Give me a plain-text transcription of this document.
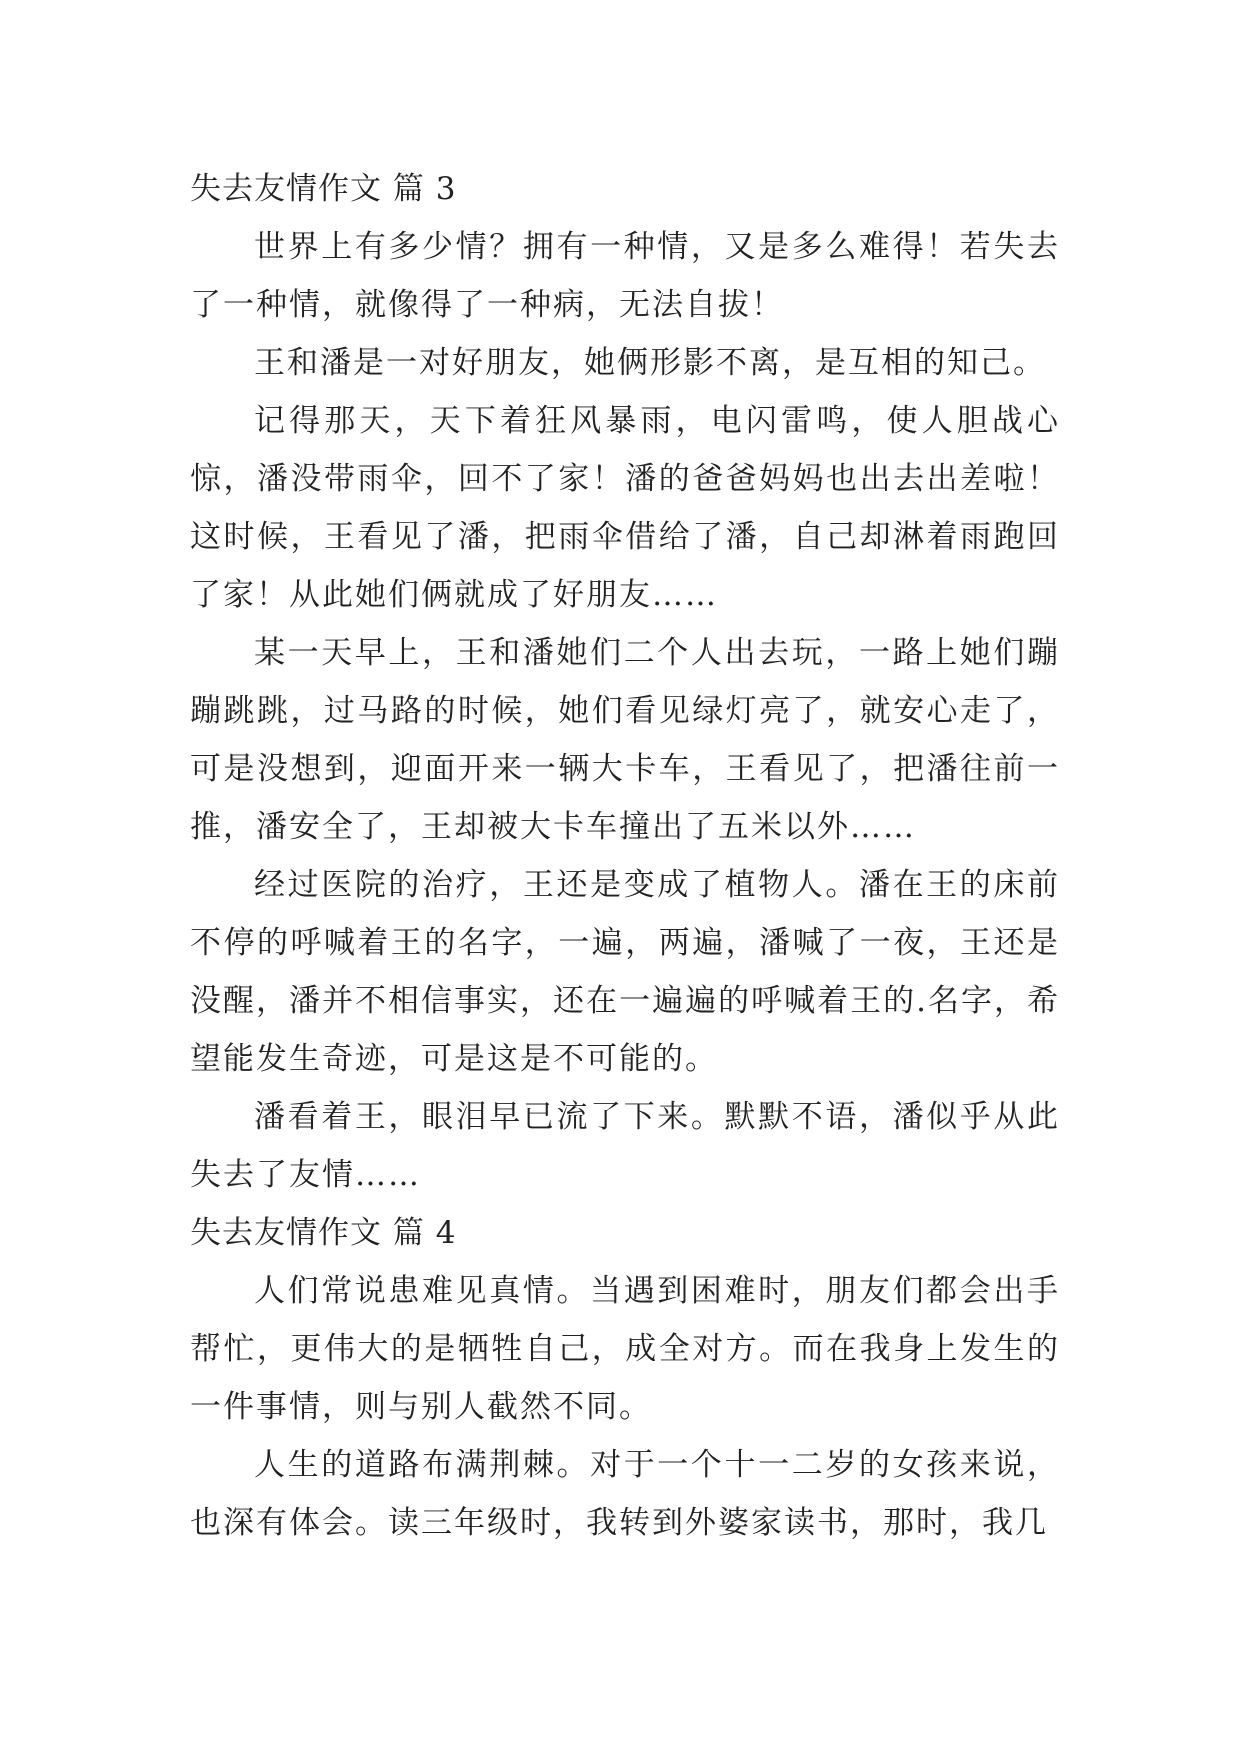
失去友情作文 篇 3

世界上有多少情？拥有一种情，又是多么难得！若失去了一种情，就像得了一种病，无法自拔！

王和潘是一对好朋友，她俩形影不离，是互相的知己。

记得那天，天下着狂风暴雨，电闪雷鸣，使人胆战心惊，潘没带雨伞，回不了家！潘的爸爸妈妈也出去出差啦！这时候，王看见了潘，把雨伞借给了潘，自己却淋着雨跑回了家！从此她们俩就成了好朋友……

某一天早上，王和潘她们二个人出去玩，一路上她们蹦蹦跳跳，过马路的时候，她们看见绿灯亮了，就安心走了，可是没想到，迎面开来一辆大卡车，王看见了，把潘往前一推，潘安全了，王却被大卡车撞出了五米以外……

经过医院的治疗，王还是变成了植物人。潘在王的床前不停的呼喊着王的名字，一遍，两遍，潘喊了一夜，王还是没醒，潘并不相信事实，还在一遍遍的呼喊着王的.名字，希望能发生奇迹，可是这是不可能的。

潘看着王，眼泪早已流了下来。默默不语，潘似乎从此失去了友情……

失去友情作文 篇 4

人们常说患难见真情。当遇到困难时，朋友们都会出手帮忙，更伟大的是牺牲自己，成全对方。而在我身上发生的一件事情，则与别人截然不同。

人生的道路布满荆棘。对于一个十一二岁的女孩来说，也深有体会。读三年级时，我转到外婆家读书，那时，我几
